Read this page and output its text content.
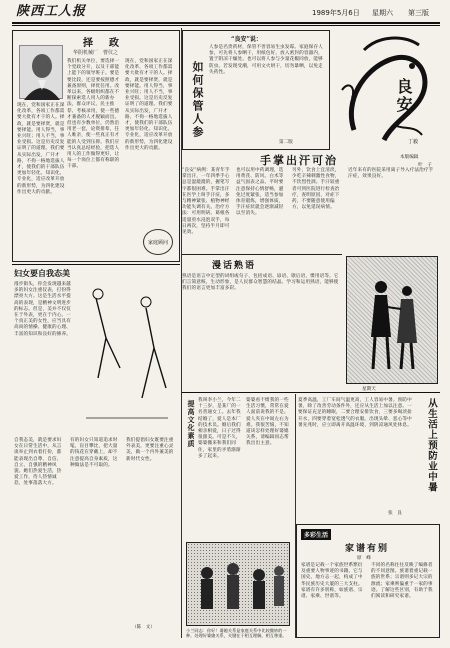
陕西工人报	1989年5月6日 星期六 第三版
择　政
华阴机械厂　曹仪之
我们机关单位，要选择一个党政分开，以及干部能上能下的领导班子。要是要比较，还是要按照德才兼备原则，择优任用。改革以来，各级组织都在不断探索选人用人的新办法，群众评议、民主推荐、考核录用，使一些德才兼备的人才脱颖而出。但也有少数单位，仍然沿用老一套，论资排辈，任人唯亲，使一些真正有才能的人受到压抑。我们应当认真总结经验，把选人用人的工作做得更好，让每一个岗位上都有称职的干部。
现在，党和国家正在深化改革，各项工作都需要大批有才干的人。择政，就是要择贤，就是要择能。用人得当，事业兴旺；用人不当，事业受损。这是历史反复证明了的道理。我们要从实际出发，广开才路，不拘一格地选拔人才，使我们的干部队伍更加年轻化、知识化、专业化，适应改革开放的新形势，为四化建设作出更大的贡献。
现在，党和国家正在深化改革，各项工作都需要大批有才干的人。择政，就是要择贤，就是要择能。用人得当，事业兴旺；用人不当，事业受损。这是历史反复证明了的道理。我们要从实际出发，广开才路，不拘一格地选拔人才，使我们的干部队伍更加年轻化、知识化、专业化，适应改革开放的新形势，为四化建设作出更大的贡献。
家庭顾问
如何保管人参
“良安”说：
人参是名贵药材，保管不善容易生虫发霉。家庭保存人参，可先将人参晒干，用纸包好，放入密封的容器内，置于阴凉干燥处。也可以将人参与少量花椒同放，能够防虫。若发现受潮，可用文火烘干，切勿暴晒，以免走失药性。
第二版
良安
丁毅
手掌出汗可治	本版编辑
叶　子
“良安”病例：某青年手掌出汗，一年四季手心总是湿漉漉的，握笔写字都很困难。手掌出汗在医学上叫手汗症，多与精神紧张、植物神经功能失调有关。治疗方法：可用明矾、葛根各适量煎水浸泡双手，每日两次，坚持半月即可见效。
也可以用中药调理，选用黄芪、防风、白术等益气固表之品。平时要注意保持心情舒畅，避免过度紧张，适当参加体育锻炼，增强体质，手汗症状就会逐渐减轻以至消失。
另外，饮食上宜清淡，少吃辛辣刺激性食物，不饮烈性酒。手汗较重者可到医院进行检查治疗，查明原因，对症下药，不要随意使用偏方，以免延误病情。
近年来有的医院采用离子导入疗法治疗手汗症，效果良好。
漫话熟语
熟语是语言中定型的词组或句子，包括成语、谚语、歇后语、惯用语等。它们言简意赅，生动形象，是人民群众智慧的结晶。学习和运用熟语，能够使我们的语言更加丰富多彩。
星期天
妇女要自我态美
漫步街头，你会发现越来越多的妇女注重仪表，打扮得漂亮大方。这是生活水平提高的表现，是精神文明进步的标志。但是，美并不仅仅在于外表，更在于内心。一个真正美的女性，应当具有高尚的情操、健康的心理、丰富的知识和良好的修养。
自我态美，就是要求妇女在日常生活中，从言谈举止到衣着打扮，都能表现出自尊、自信、自立、自强的精神风貌。她们热爱生活，热爱工作，待人热情诚恳，处事落落大方。
有的妇女只知道追求时髦，盲目攀比，把大量的钱花在穿戴上，却不注意提高自身素质，这种做法是不可取的。
我们提倡妇女既要注重外表美，更要注重心灵美，做一个内外兼美的新时代女性。
（陈　文）
提高文化素质 我叫李小兰，今年二十三岁，是某厂的一名普通女工。去年我结婚了，爱人是本厂的技术员。婚后我们相亲相爱，日子过得很甜美。可是不久，婆婆搬来和我们同住，家里的矛盾渐渐多了起来。
婆婆看不惯我的一些生活习惯，常常在爱人面前说我的不是。爱人夹在中间左右为难。我很苦恼，不知道该怎样处理好婆媳关系，请编辑同志帮我出出主意。
小兰同志：你好！婆媳关系是家庭关系中比较微妙的一种。处理好婆媳关系，关键在于相互理解，相互尊重。
从生活上预防业中暑
夏季高温，工厂车间气温更高，工人容易中暑。预防中暑，除了改善劳动条件外，还应从生活上加以注意。一要保证充足的睡眠，二要合理安排饮食，三要多喝淡盐开水，四要穿着宽松透气的衣服。出现头晕、恶心等中暑先兆时，应立即离开高温环境，到阴凉通风处休息。
张　良
多彩生活
家谱有别
原　峰
家谱是记载一个家族世系繁衍及重要人物事迹的书籍。它与国史、地方志一起，构成了中华民族历史大厦的三大支柱。家谱有许多别称，如族谱、宗谱、家乘、世谱等。
不同的名称往往反映了编修者的不同意图。族谱着重记载一族的世系；宗谱则多记大宗的源流；家乘则偏重于一家的事迹。了解这些区别，有助于我们阅读和研究家谱。
